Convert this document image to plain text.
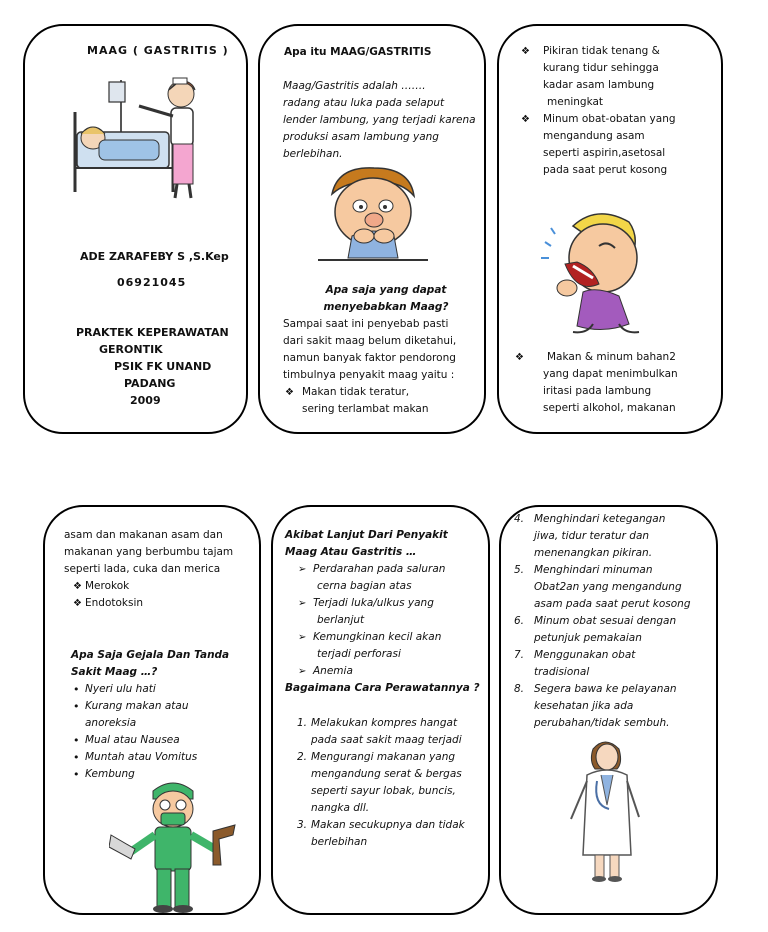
MAAG ( GASTRITIS )
ADE ZARAFEBY S ,S.Kep
06921045
PRAKTEK KEPERAWATAN
GERONTIK
PSIK FK UNAND
PADANG
2009
Apa itu MAAG/GASTRITIS
Maag/Gastritis adalah …….
radang atau luka pada selaput
lender lambung, yang terjadi karena
produksi asam lambung yang
berlebihan.
Apa saja yang dapat
menyebabkan Maag?
Sampai saat ini penyebab pasti
dari sakit maag belum diketahui,
namun banyak faktor pendorong
timbulnya penyakit maag yaitu :
❖ Makan tidak teratur,
sering terlambat makan
❖ Pikiran tidak tenang &
kurang tidur sehingga
kadar asam lambung
meningkat
❖ Minum obat-obatan yang
mengandung asam
seperti aspirin,asetosal
pada saat perut kosong
❖	Makan & minum bahan2
yang dapat menimbulkan
iritasi pada lambung
seperti alkohol, makanan
asam dan makanan asam dan
makanan yang berbumbu tajam
seperti lada, cuka dan merica
❖ Merokok
❖ Endotoksin
Apa Saja Gejala Dan Tanda
Sakit Maag …?
• Nyeri ulu hati
• Kurang makan atau
anoreksia
• Mual atau Nausea
• Muntah atau Vomitus
• Kembung
Akibat Lanjut Dari Penyakit
Maag Atau Gastritis …
➢ Perdarahan pada saluran
cerna bagian atas
➢ Terjadi luka/ulkus yang
berlanjut
➢ Kemungkinan kecil akan
terjadi perforasi
➢ Anemia
Bagaimana Cara Perawatannya ?
1. Melakukan kompres hangat
pada saat sakit maag terjadi
2. Mengurangi makanan yang
mengandung serat & bergas
seperti sayur lobak, buncis,
nangka dll.
3. Makan secukupnya dan tidak
berlebihan
4. Menghindari ketegangan
jiwa, tidur teratur dan
menenangkan pikiran.
5. Menghindari minuman
Obat2an yang mengandung
asam pada saat perut kosong
6. Minum obat sesuai dengan
petunjuk pemakaian
7. Menggunakan obat
tradisional
8. Segera bawa ke pelayanan
kesehatan jika ada
perubahan/tidak sembuh.
